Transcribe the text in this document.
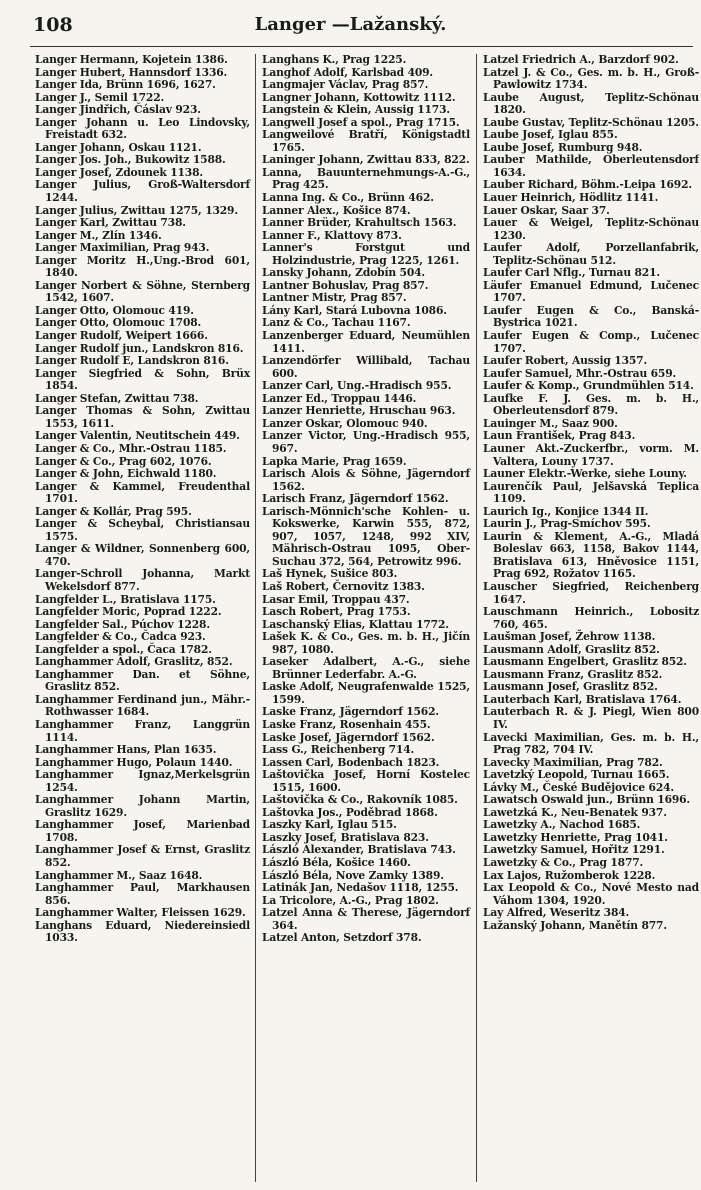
108	Langer —Lažanský.
Langer Hermann, Kojetein 1386.
Langer Hubert, Hannsdorf 1336.
Langer Ida, Brünn 1696, 1627.
Langer J., Semil 1722.
Langer Jindřich, Čáslav 923.
Langer Johann u. Leo Lindovsky, Freistadt 632.
Langer Johann, Oskau 1121.
Langer Jos. Joh., Bukowitz 1588.
Langer Josef, Zdounek 1138.
Langer Julius, Groß-Waltersdorf 1244.
Langer Julius, Zwittau 1275, 1329.
Langer Karl, Zwittau 738.
Langer M., Zlín 1346.
Langer Maximilian, Prag 943.
Langer Moritz H.,Ung.-Brod 601, 1840.
Langer Norbert & Söhne, Sternberg 1542, 1607.
Langer Otto, Olomouc 419.
Langer Otto, Olomouc 1708.
Langer Rudolf, Weipert 1666.
Langer Rudolf jun., Landskron 816.
Langer Rudolf E, Landskron 816.
Langer Siegfried & Sohn, Brüx 1854.
Langer Stefan, Zwittau 738.
Langer Thomas & Sohn, Zwittau 1553, 1611.
Langer Valentin, Neutitschein 449.
Langer & Co., Mhr.-Ostrau 1185.
Langer & Co., Prag 602, 1076.
Langer & John, Eichwald 1180.
Langer & Kammel, Freudenthal 1701.
Langer & Kollár, Prag 595.
Langer & Scheybal, Christiansau 1575.
Langer & Wildner, Sonnenberg 600, 470.
Langer-Schroll Johanna, Markt Wekelsdorf 877.
Langfelder L., Bratislava 1175.
Langfelder Moric, Poprad 1222.
Langfelder Sal., Púchov 1228.
Langfelder & Co., Čadca 923.
Langfelder a spol., Čaca 1782.
Langhammer Adolf, Graslitz, 852.
Langhammer Dan. et Söhne, Graslitz 852.
Langhammer Ferdinand jun., Mähr.-Rothwasser 1684.
Langhammer Franz, Langgrün 1114.
Langhammer Hans, Plan 1635.
Langhammer Hugo, Polaun 1440.
Langhammer Ignaz,Merkelsgrün 1254.
Langhammer Johann Martin, Graslitz 1629.
Langhammer Josef, Marienbad 1708.
Langhammer Josef & Ernst, Graslitz 852.
Langhammer M., Saaz 1648.
Langhammer Paul, Markhausen 856.
Langhammer Walter, Fleissen 1629.
Langhans Eduard, Niedereinsiedl 1033.
Langhans K., Prag 1225.
Langhof Adolf, Karlsbad 409.
Langmajer Václav, Prag 857.
Langner Johann, Kottowitz 1112.
Langstein & Klein, Aussig 1173.
Langwell Josef a spol., Prag 1715.
Langweilové Bratří, Königstadtl 1765.
Laninger Johann, Zwittau 833, 822.
Lanna, Bauunternehmungs-A.-G., Prag 425.
Lanna Ing. & Co., Brünn 462.
Lanner Alex., Košice 874.
Lanner Brüder, Krahultsch 1563.
Lanner F., Klattovy 873.
Lanner's Forstgut und Holzindustrie, Prag 1225, 1261.
Lansky Johann, Zdobín 504.
Lantner Bohuslav, Prag 857.
Lantner Mistr, Prag 857.
Lány Karl, Stará Lubovna 1086.
Lanz & Co., Tachau 1167.
Lanzenberger Eduard, Neumühlen 1411.
Lanzendörfer Willibald, Tachau 600.
Lanzer Carl, Ung.-Hradisch 955.
Lanzer Ed., Troppau 1446.
Lanzer Henriette, Hruschau 963.
Lanzer Oskar, Olomouc 940.
Lanzer Victor, Ung.-Hradisch 955, 967.
Lapka Marie, Prag 1659.
Larisch Alois & Söhne, Jägerndorf 1562.
Larisch Franz, Jägerndorf 1562.
Larisch-Mönnich'sche Kohlen- u. Kokswerke, Karwin 555, 872, 907, 1057, 1248, 992 XIV, Mährisch-Ostrau 1095, Ober-Suchau 372, 564, Petrowitz 996.
Laš Hynek, Sušice 803.
Laš Robert, Černovitz 1383.
Lasar Emil, Troppau 437.
Lasch Robert, Prag 1753.
Laschanský Elias, Klattau 1772.
Lašek K. & Co., Ges. m. b. H., Jičín 987, 1080.
Laseker Adalbert, A.-G., siehe Brünner Lederfabr. A.-G.
Laske Adolf, Neugrafenwalde 1525, 1599.
Laske Franz, Jägerndorf 1562.
Laske Franz, Rosenhain 455.
Laske Josef, Jägerndorf 1562.
Lass G., Reichenberg 714.
Lassen Carl, Bodenbach 1823.
Laštovička Josef, Horní Kostelec 1515, 1600.
Laštovička & Co., Rakovník 1085.
Laštovka Jos., Poděbrad 1868.
Laszky Karl, Iglau 515.
Laszky Josef, Bratislava 823.
László Alexander, Bratislava 743.
László Béla, Košice 1460.
László Béla, Nove Zamky 1389.
Latinák Jan, Nedašov 1118, 1255.
La Tricolore, A.-G., Prag 1802.
Latzel Anna & Therese, Jägerndorf 364.
Latzel Anton, Setzdorf 378.
Latzel Friedrich A., Barzdorf 902.
Latzel J. & Co., Ges. m. b. H., Groß-Pawlowitz 1734.
Laube August, Teplitz-Schönau 1820.
Laube Gustav, Teplitz-Schönau 1205.
Laube Josef, Iglau 855.
Laube Josef, Rumburg 948.
Lauber Mathilde, Oberleutensdorf 1634.
Lauber Richard, Böhm.-Leipa 1692.
Lauer Heinrich, Hödlitz 1141.
Lauer Oskar, Saar 37.
Lauer & Weigel, Teplitz-Schönau 1230.
Laufer Adolf, Porzellanfabrik, Teplitz-Schönau 512.
Laufer Carl Nflg., Turnau 821.
Läufer Emanuel Edmund, Lučenec 1707.
Laufer Eugen & Co., Banská-Bystrica 1021.
Laufer Eugen & Comp., Lučenec 1707.
Laufer Robert, Aussig 1357.
Laufer Samuel, Mhr.-Ostrau 659.
Laufer & Komp., Grundmühlen 514.
Laufke F. J. Ges. m. b. H., Oberleutensdorf 879.
Lauinger M., Saaz 900.
Laun František, Prag 843.
Launer Akt.-Zuckerfbr., vorm. M. Valtera, Louny 1737.
Launer Elektr.-Werke, siehe Louny.
Laurenčík Paul, Jelšavská Teplica 1109.
Laurich Ig., Konjice 1344 II.
Laurin J., Prag-Smíchov 595.
Laurin & Klement, A.-G., Mladá Boleslav 663, 1158, Bakov 1144, Bratislava 613, Hněvosice 1151, Prag 692, Rožatov 1165.
Lauscher Siegfried, Reichenberg 1647.
Lauschmann Heinrich., Lobositz 760, 465.
Laušman Josef, Žehrow 1138.
Lausmann Adolf, Graslitz 852.
Lausmann Engelbert, Graslitz 852.
Lausmann Franz, Graslitz 852.
Lausmann Josef, Graslitz 852.
Lauterbach Karl, Bratislava 1764.
Lauterbach R. & J. Piegl, Wien 800 IV.
Lavecki Maximilian, Ges. m. b. H., Prag 782, 704 IV.
Lavecky Maximilian, Prag 782.
Lavetzký Leopold, Turnau 1665.
Lávky M., České Budějovice 624.
Lawatsch Oswald jun., Brünn 1696.
Lawetzká K., Neu-Benatek 937.
Lawetzky A., Nachod 1685.
Lawetzky Henriette, Prag 1041.
Lawetzky Samuel, Hořitz 1291.
Lawetzky & Co., Prag 1877.
Lax Lajos, Ružomberok 1228.
Lax Leopold & Co., Nové Mesto nad Váhom 1304, 1920.
Lay Alfred, Weseritz 384.
Lažanský Johann, Manětín 877.
